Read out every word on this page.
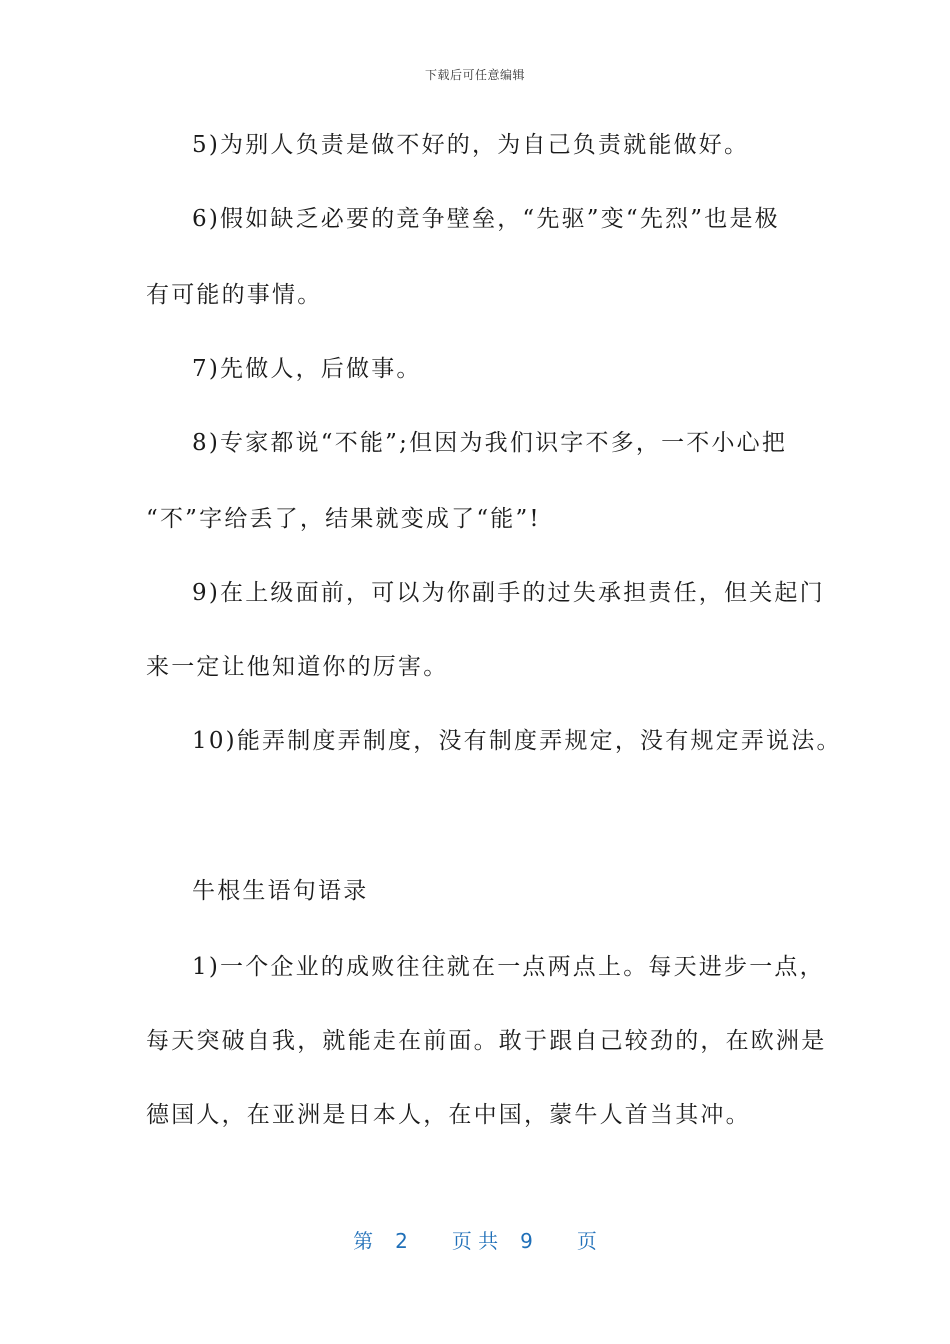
下载后可任意编辑
5)为别人负责是做不好的，为自己负责就能做好。
6)假如缺乏必要的竞争壁垒，“先驱”变“先烈”也是极
有可能的事情。
7)先做人，后做事。
8)专家都说“不能”;但因为我们识字不多，一不小心把
“不”字给丢了，结果就变成了“能”!
9)在上级面前，可以为你副手的过失承担责任，但关起门
来一定让他知道你的厉害。
10)能弄制度弄制度，没有制度弄规定，没有规定弄说法。
牛根生语句语录
1)一个企业的成败往往就在一点两点上。每天进步一点，
每天突破自我，就能走在前面。敢于跟自己较劲的，在欧洲是
德国人，在亚洲是日本人，在中国，蒙牛人首当其冲。
第 2 页 共 9 页
